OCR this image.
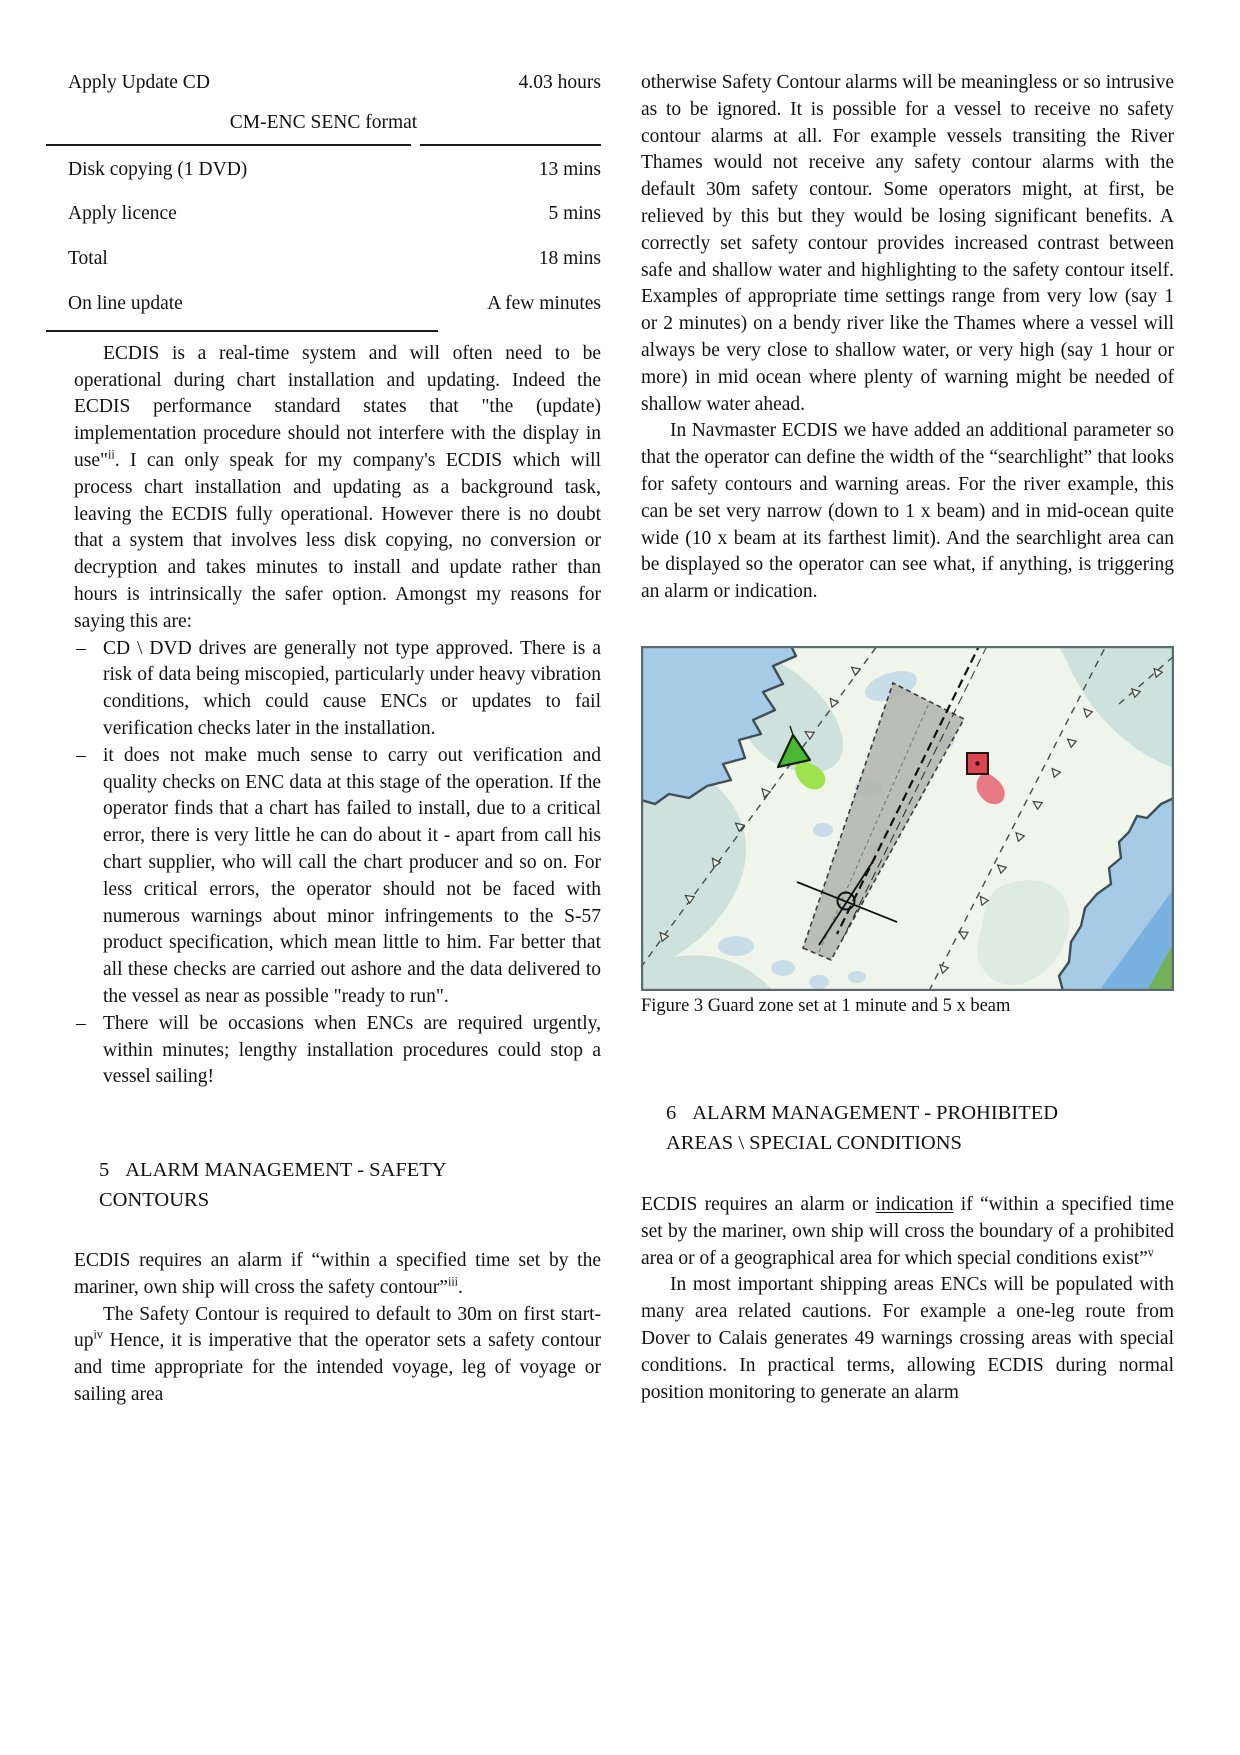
Apply Update CD	4.03 hours
CM-ENC SENC format
Disk copying (1 DVD)	13 mins
Apply licence	5 mins
Total	18 mins
On line update	A few minutes

ECDIS is a real-time system and will often need to be operational during chart installation and updating. Indeed the ECDIS performance standard states that "the (update) implementation procedure should not interfere with the display in use"$^{ii}$. I can only speak for my company's ECDIS which will process chart installation and updating as a background task, leaving the ECDIS fully operational. However there is no doubt that a system that involves less disk copying, no conversion or decryption and takes minutes to install and update rather than hours is intrinsically the safer option. Amongst my reasons for saying this are:

– CD \ DVD drives are generally not type approved. There is a risk of data being miscopied, particularly under heavy vibration conditions, which could cause ENCs or updates to fail verification checks later in the installation.
– it does not make much sense to carry out verification and quality checks on ENC data at this stage of the operation. If the operator finds that a chart has failed to install, due to a critical error, there is very little he can do about it - apart from call his chart supplier, who will call the chart producer and so on. For less critical errors, the operator should not be faced with numerous warnings about minor infringements to the S-57 product specification, which mean little to him. Far better that all these checks are carried out ashore and the data delivered to the vessel as near as possible "ready to run".
– There will be occasions when ENCs are required urgently, within minutes; lengthy installation procedures could stop a vessel sailing!
5 ALARM MANAGEMENT - SAFETY CONTOURS

ECDIS requires an alarm if “within a specified time set by the mariner, own ship will cross the safety contour”$^{iii}$.

The Safety Contour is required to default to 30m on first start-$up^{iv}$ Hence, it is imperative that the operator sets a safety contour and time appropriate for the intended voyage, leg of voyage or sailing area

otherwise Safety Contour alarms will be meaningless or so intrusive as to be ignored. It is possible for a vessel to receive no safety contour alarms at all. For example vessels transiting the River Thames would not receive any safety contour alarms with the default 30m safety contour. Some operators might, at first, be relieved by this but they would be losing significant benefits. A correctly set safety contour provides increased contrast between safe and shallow water and highlighting to the safety contour itself. Examples of appropriate time settings range from very low (say 1 or 2 minutes) on a bendy river like the Thames where a vessel will always be very close to shallow water, or very high (say 1 hour or more) in mid ocean where plenty of warning might be needed of shallow water ahead.

In Navmaster ECDIS we have added an additional parameter so that the operator can define the width of the “searchlight” that looks for safety contours and warning areas. For the river example, this can be set very narrow (down to 1 x beam) and in mid-ocean quite wide (10 x beam at its farthest limit). And the searchlight area can be displayed so the operator can see what, if anything, is triggering an alarm or indication.

Figure 3 Guard zone set at 1 minute and 5 x beam
6 ALARM MANAGEMENT - PROHIBITED AREAS \ SPECIAL CONDITIONS

ECDIS requires an alarm or indication if “within a specified time set by the mariner, own ship will cross the boundary of a prohibited area or of a geographical area for which special conditions exist”$^v$

In most important shipping areas ENCs will be populated with many area related cautions. For example a one-leg route from Dover to Calais generates 49 warnings crossing areas with special conditions. In practical terms, allowing ECDIS during normal position monitoring to generate an alarm
